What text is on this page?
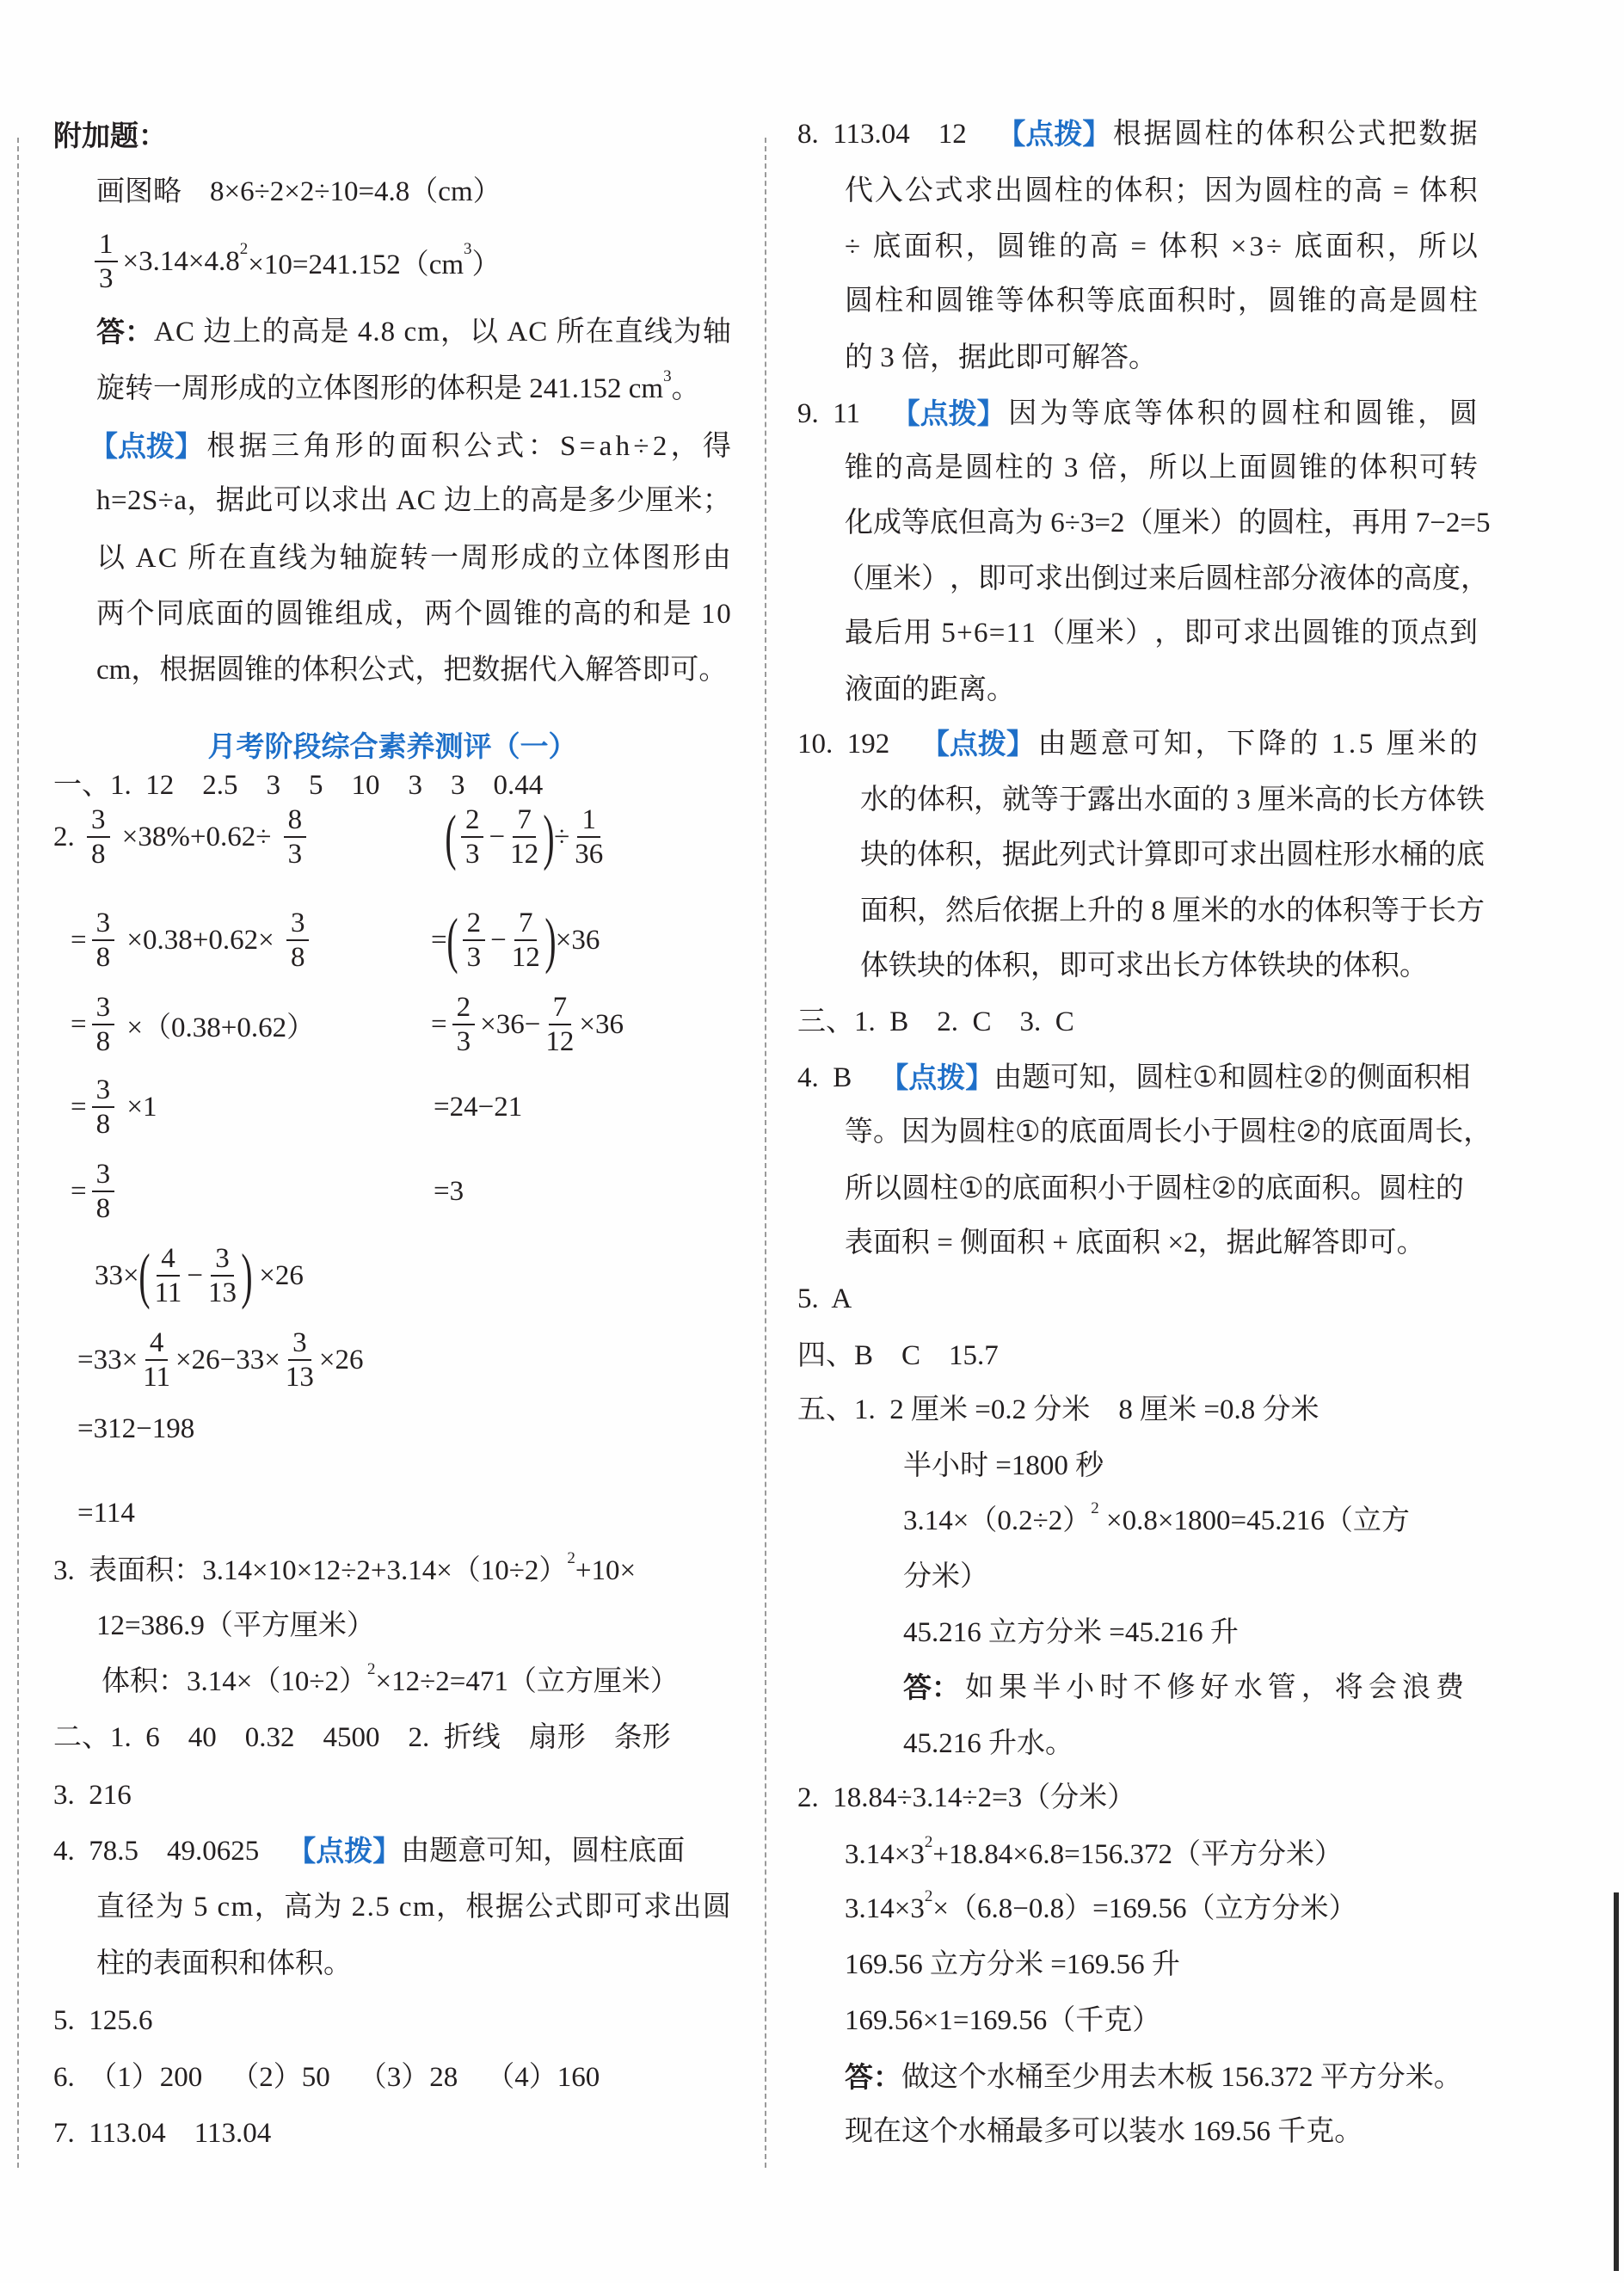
附加题：
画图略　8×6÷2×2÷10=4.8（cm）
$\frac{1}{3} \times 3.14\times 4.8$ 2 ×10=241.152（cm 3 ）
答： A C
边 上 的 高 是
4 . 8
c m ， 以
A C
所 在 直 线 为 轴
旋转一周形成的立体图形的体积是 241.152 cm 3 。
【点拨】 根 据 三 角 形 的 面 积 公 式 ： S = a h ÷ 2 ， 得
h = 2 S ÷ a ， 据 此 可 以 求 出
A C
边 上 的 高 是 多 少 厘 米 ；
以
A C
所 在 直 线 为 轴 旋 转 一 周 形 成 的 立 体 图 形 由
两 个 同 底 面 的 圆 锥 组 成 ， 两 个 圆 锥 的 高 的 和 是
1 0
cm，根据圆锥的体积公式，把数据代入解答即可。
月考阶段综合素养测评（一）
一、1.  12    2.5    3    5    10    3    3    0.44
2. $\frac{3}{8} \times 38\%+0.62\div \frac{8}{3}$ ( $\frac{2}{3} - \frac{7}{12}$ ) ÷ $\frac{1}{36}$
= $\frac{3}{8} \times 0.38+0.62\times \frac{3}{8}$	= ( $\frac{2}{3} - \frac{7}{12}$ ) ×36
= $\frac{3}{8} \times(0.38+0.62)$	= $\frac{2}{3} \times 36- \frac{7}{12} \times 36$
= $\frac{3}{8} \times 1$	=24−21
= $\frac{3}{8}$	=3
33× ( $\frac{4}{11} - \frac{3}{13}$ ) ×26
$=33\times \frac{4}{11} \times 26-33\times \frac{3}{13} \times 26$
=312−198
=114
3.  表面积：3.14×10×12÷2+3.14×（10÷2） 2 +10×
12=386.9（平方厘米）
体积：3.14×（10÷2） 2 ×12÷2=471（立方厘米）
二、1.  6    40    0.32    4500    2.  折线    扇形    条形
3.  216
4.  78.5    49.0625 【点拨】 由题意可知，圆柱底面
直 径 为
5
c m ， 高 为
2 . 5
c m ， 根 据 公 式 即 可 求 出 圆
柱的表面积和体积。
5.  125.6
6.  （1）200    （2）50    （3）28    （4）160
7.  113.04    113.04
8.  113.04    12 【点拨】 根 据 圆 柱 的 体 积 公 式 把 数 据
代 入 公 式 求 出 圆 柱 的 体 积 ； 因 为 圆 柱 的 高
=
体 积
÷
底 面 积 ， 圆 锥 的 高
=
体 积
× 3 ÷
底 面 积 ， 所 以
圆 柱 和 圆 锥 等 体 积 等 底 面 积 时 ， 圆 锥 的 高 是 圆 柱
的 3 倍，据此即可解答。
9.  11 【点拨】 因 为 等 底 等 体 积 的 圆 柱 和 圆 锥 ， 圆
锥 的 高 是 圆 柱 的
3
倍 ， 所 以 上 面 圆 锥 的 体 积 可 转
化 成 等 底 但 高 为
6 ÷ 3 = 2 （ 厘 米 ） 的 圆 柱 ， 再 用
7 − 2 = 5
（ 厘 米 ） ， 即 可 求 出 倒 过 来 后 圆 柱 部 分 液 体 的 高 度 ，
最 后 用
5 + 6 = 1 1 （ 厘 米 ） ， 即 可 求 出 圆 锥 的 顶 点 到
液面的距离。
10.  192 【点拨】 由 题 意 可 知 ， 下 降 的
1 . 5
厘 米 的
水 的 体 积 ， 就 等 于 露 出 水 面 的
3
厘 米 高 的 长 方 体 铁
块 的 体 积 ， 据 此 列 式 计 算 即 可 求 出 圆 柱 形 水 桶 的 底
面 积 ， 然 后 依 据 上 升 的
8
厘 米 的 水 的 体 积 等 于 长 方
体铁块的体积，即可求出长方体铁块的体积。
三、1.  B    2.  C    3.  C
4.  B 【点拨】 由 题 可 知 ， 圆 柱 ① 和 圆 柱 ② 的 侧 面 积 相
等 。 因 为 圆 柱 ① 的 底 面 周 长 小 于 圆 柱 ② 的 底 面 周 长 ，
所 以 圆 柱 ① 的 底 面 积 小 于 圆 柱 ② 的 底 面 积 。 圆 柱 的
表面积 = 侧面积 + 底面积 ×2，据此解答即可。
5.  A
四、B    C    15.7
五、1.  2 厘米 =0.2 分米    8 厘米 =0.8 分米
半小时 =1800 秒
3.14×（0.2÷2） 2 ×0.8×1800=45.216（立方
分米）
45.216 立方分米 =45.216 升
答： 如 果 半 小 时 不 修 好 水 管 ， 将 会 浪 费
45.216 升水。
2.  18.84÷3.14÷2=3（分米）
3.14×3 2 +18.84×6.8=156.372（平方分米）
3.14×3 2 ×（6.8−0.8）=169.56（立方分米）
169.56 立方分米 =169.56 升
169.56×1=169.56（千克）
答： 做这个水桶至少用去木板 156.372 平方分米。
现在这个水桶最多可以装水 169.56 千克。
